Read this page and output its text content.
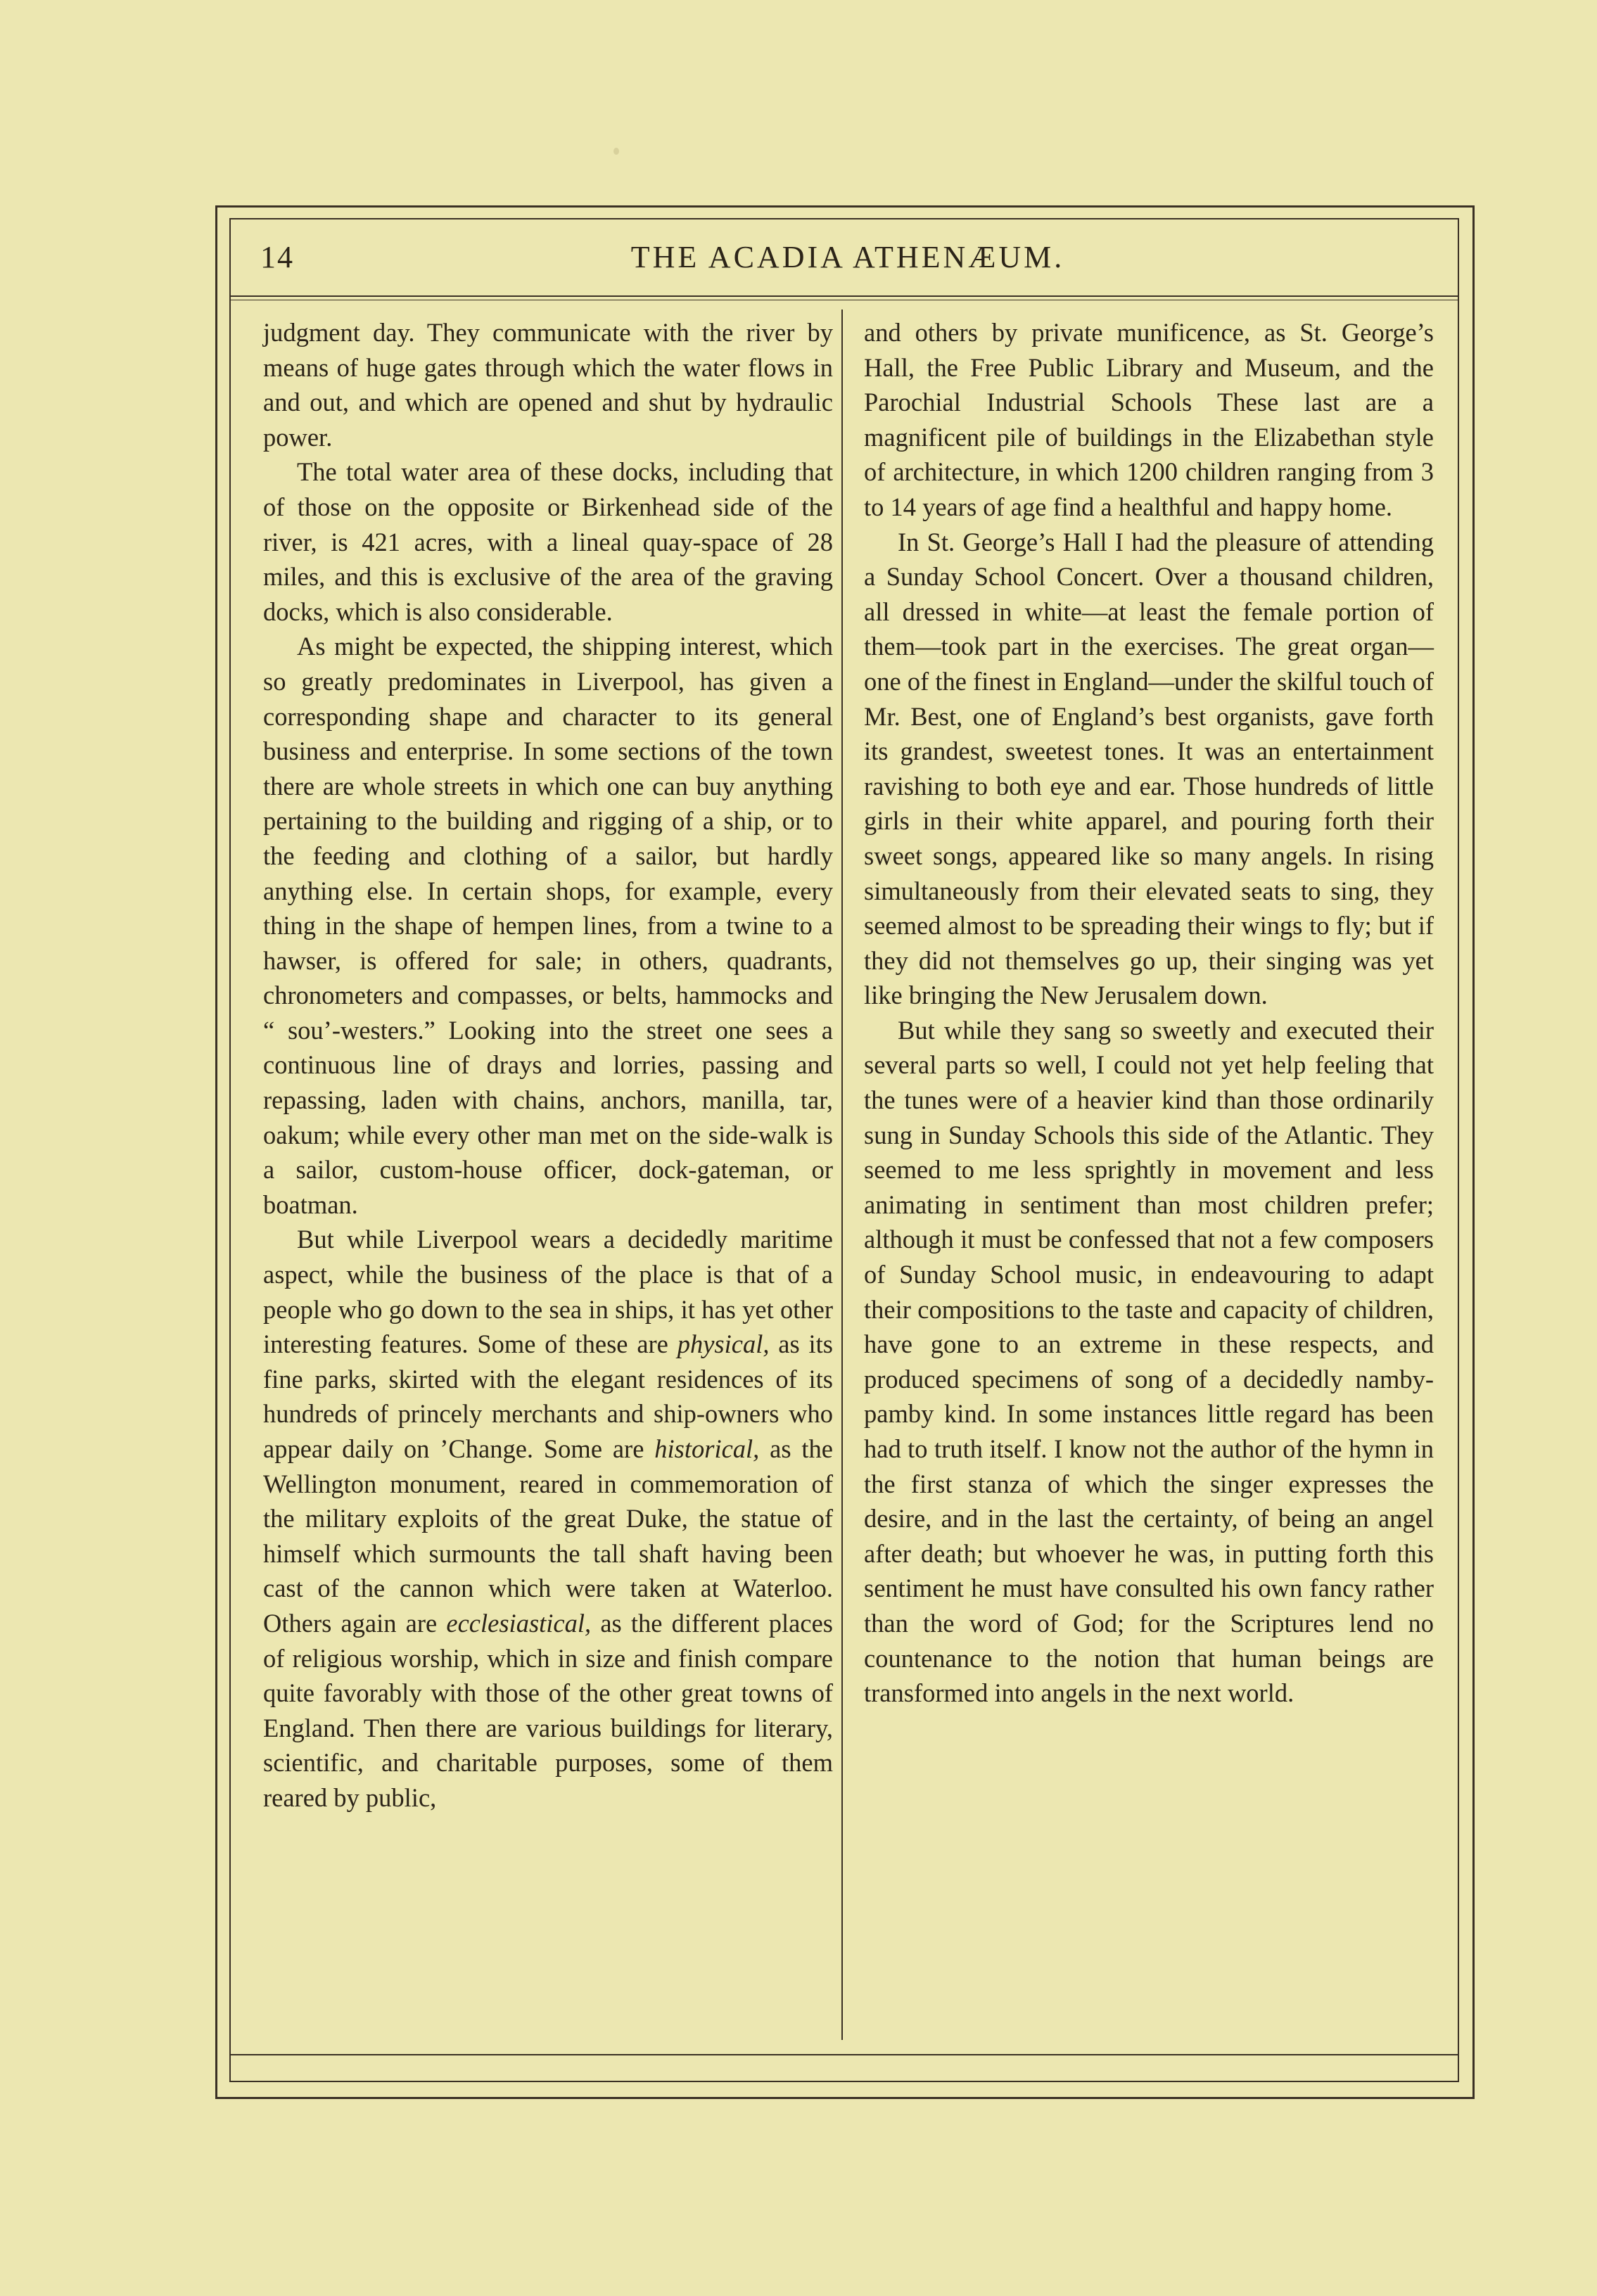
14	THE ACADIA ATHENÆUM.

judgment day. They communicate with the river by means of huge gates through which the water flows in and out, and which are opened and shut by hydraulic power.

The total water area of these docks, including that of those on the opposite or Birkenhead side of the river, is 421 acres, with a lineal quay-space of 28 miles, and this is exclusive of the area of the graving docks, which is also considerable.

As might be expected, the shipping interest, which so greatly predominates in Liverpool, has given a corresponding shape and character to its general business and enterprise. In some sections of the town there are whole streets in which one can buy anything pertaining to the building and rigging of a ship, or to the feeding and clothing of a sailor, but hardly anything else. In certain shops, for example, every thing in the shape of hempen lines, from a twine to a hawser, is offered for sale; in others, quadrants, chronometers and compasses, or belts, hammocks and “ sou’-westers.” Looking into the street one sees a continuous line of drays and lorries, passing and repassing, laden with chains, anchors, manilla, tar, oakum; while every other man met on the side-walk is a sailor, custom-house officer, dock-gateman, or boatman.

But while Liverpool wears a decidedly maritime aspect, while the business of the place is that of a people who go down to the sea in ships, it has yet other interesting features. Some of these are physical, as its fine parks, skirted with the elegant residences of its hundreds of princely merchants and ship-owners who appear daily on ’Change. Some are historical, as the Wellington monument, reared in commemoration of the military exploits of the great Duke, the statue of himself which surmounts the tall shaft having been cast of the cannon which were taken at Waterloo. Others again are ecclesiastical, as the different places of religious worship, which in size and finish compare quite favorably with those of the other great towns of England. Then there are various buildings for literary, scientific, and charitable purposes, some of them reared by public,

and others by private munificence, as St. George’s Hall, the Free Public Library and Museum, and the Parochial Industrial Schools These last are a magnificent pile of buildings in the Elizabethan style of architecture, in which 1200 children ranging from 3 to 14 years of age find a healthful and happy home.

In St. George’s Hall I had the pleasure of attending a Sunday School Concert. Over a thousand children, all dressed in white—at least the female portion of them—took part in the exercises. The great organ—one of the finest in England—under the skilful touch of Mr. Best, one of England’s best organists, gave forth its grandest, sweetest tones. It was an entertainment ravishing to both eye and ear. Those hundreds of little girls in their white apparel, and pouring forth their sweet songs, appeared like so many angels. In rising simultaneously from their elevated seats to sing, they seemed almost to be spreading their wings to fly; but if they did not themselves go up, their singing was yet like bringing the New Jerusalem down.

But while they sang so sweetly and executed their several parts so well, I could not yet help feeling that the tunes were of a heavier kind than those ordinarily sung in Sunday Schools this side of the Atlantic. They seemed to me less sprightly in movement and less animating in sentiment than most children prefer; although it must be confessed that not a few composers of Sunday School music, in endeavouring to adapt their compositions to the taste and capacity of children, have gone to an extreme in these respects, and produced specimens of song of a decidedly namby-pamby kind. In some instances little regard has been had to truth itself. I know not the author of the hymn in the first stanza of which the singer expresses the desire, and in the last the certainty, of being an angel after death; but whoever he was, in putting forth this sentiment he must have consulted his own fancy rather than the word of God; for the Scriptures lend no countenance to the notion that human beings are transformed into angels in the next world.
